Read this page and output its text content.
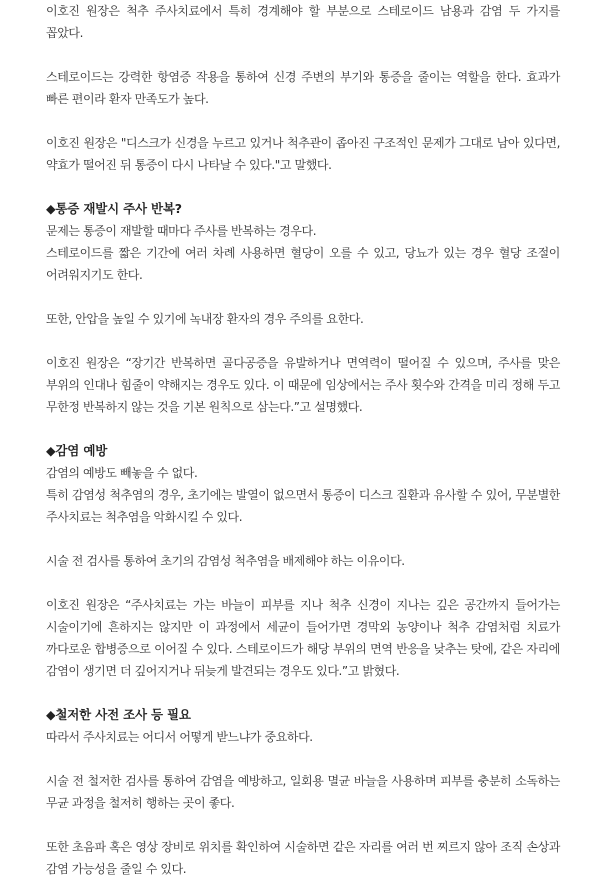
이호진 원장은 척추 주사치료에서 특히 경계해야 할 부분으로 스테로이드 남용과 감염 두 가지를 꼽았다.

스테로이드는 강력한 항염증 작용을 통하여 신경 주변의 부기와 통증을 줄이는 역할을 한다. 효과가 빠른 편이라 환자 만족도가 높다.

이호진 원장은 "디스크가 신경을 누르고 있거나 척추관이 좁아진 구조적인 문제가 그대로 남아 있다면, 약효가 떨어진 뒤 통증이 다시 나타날 수 있다."고 말했다.

◆통증 재발시 주사 반복?

문제는 통증이 재발할 때마다 주사를 반복하는 경우다.

스테로이드를 짧은 기간에 여러 차례 사용하면 혈당이 오를 수 있고, 당뇨가 있는 경우 혈당 조절이 어려워지기도 한다.

또한, 안압을 높일 수 있기에 녹내장 환자의 경우 주의를 요한다.

이호진 원장은 “장기간 반복하면 골다공증을 유발하거나 면역력이 떨어질 수 있으며, 주사를 맞은 부위의 인대나 힘줄이 약해지는 경우도 있다. 이 때문에 임상에서는 주사 횟수와 간격을 미리 정해 두고 무한정 반복하지 않는 것을 기본 원칙으로 삼는다.”고 설명했다.

◆감염 예방

감염의 예방도 빼놓을 수 없다.

특히 감염성 척추염의 경우, 초기에는 발열이 없으면서 통증이 디스크 질환과 유사할 수 있어, 무분별한 주사치료는 척추염을 악화시킬 수 있다.

시술 전 검사를 통하여 초기의 감염성 척추염을 배제해야 하는 이유이다.

이호진 원장은 “주사치료는 가는 바늘이 피부를 지나 척추 신경이 지나는 깊은 공간까지 들어가는 시술이기에 흔하지는 않지만 이 과정에서 세균이 들어가면 경막외 농양이나 척추 감염처럼 치료가 까다로운 합병증으로 이어질 수 있다. 스테로이드가 해당 부위의 면역 반응을 낮추는 탓에, 같은 자리에 감염이 생기면 더 깊어지거나 뒤늦게 발견되는 경우도 있다.”고 밝혔다.

◆철저한 사전 조사 등 필요

따라서 주사치료는 어디서 어떻게 받느냐가 중요하다.

시술 전 철저한 검사를 통하여 감염을 예방하고, 일회용 멸균 바늘을 사용하며 피부를 충분히 소독하는 무균 과정을 철저히 행하는 곳이 좋다.

또한 초음파 혹은 영상 장비로 위치를 확인하여 시술하면 같은 자리를 여러 번 찌르지 않아 조직 손상과 감염 가능성을 줄일 수 있다.
